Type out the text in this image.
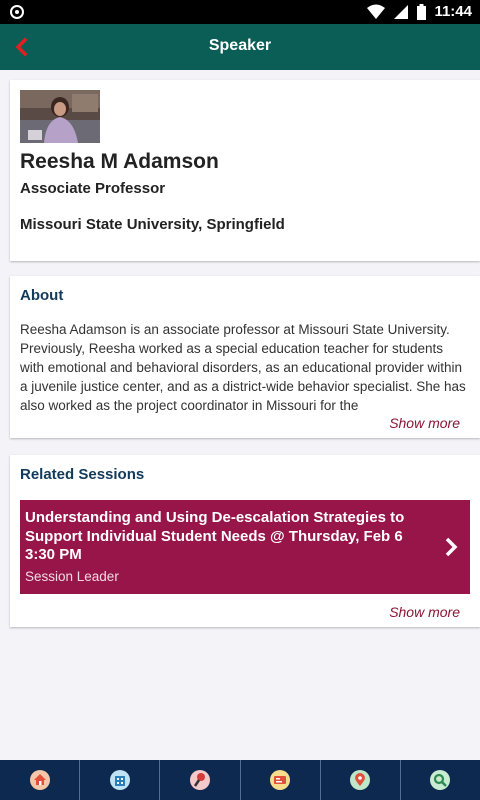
11:44
Speaker
Reesha M Adamson
Associate Professor
Missouri State University, Springfield
About
Reesha Adamson is an associate professor at Missouri State University. Previously, Reesha worked as a special education teacher for students with emotional and behavioral disorders, as an educational provider within a juvenile justice center, and as a district-wide behavior specialist. She has also worked as the project coordinator in Missouri for the
Show more
Related Sessions
Understanding and Using De-escalation Strategies to Support Individual Student Needs @ Thursday, Feb 6 3:30 PM
Session Leader
Show more
